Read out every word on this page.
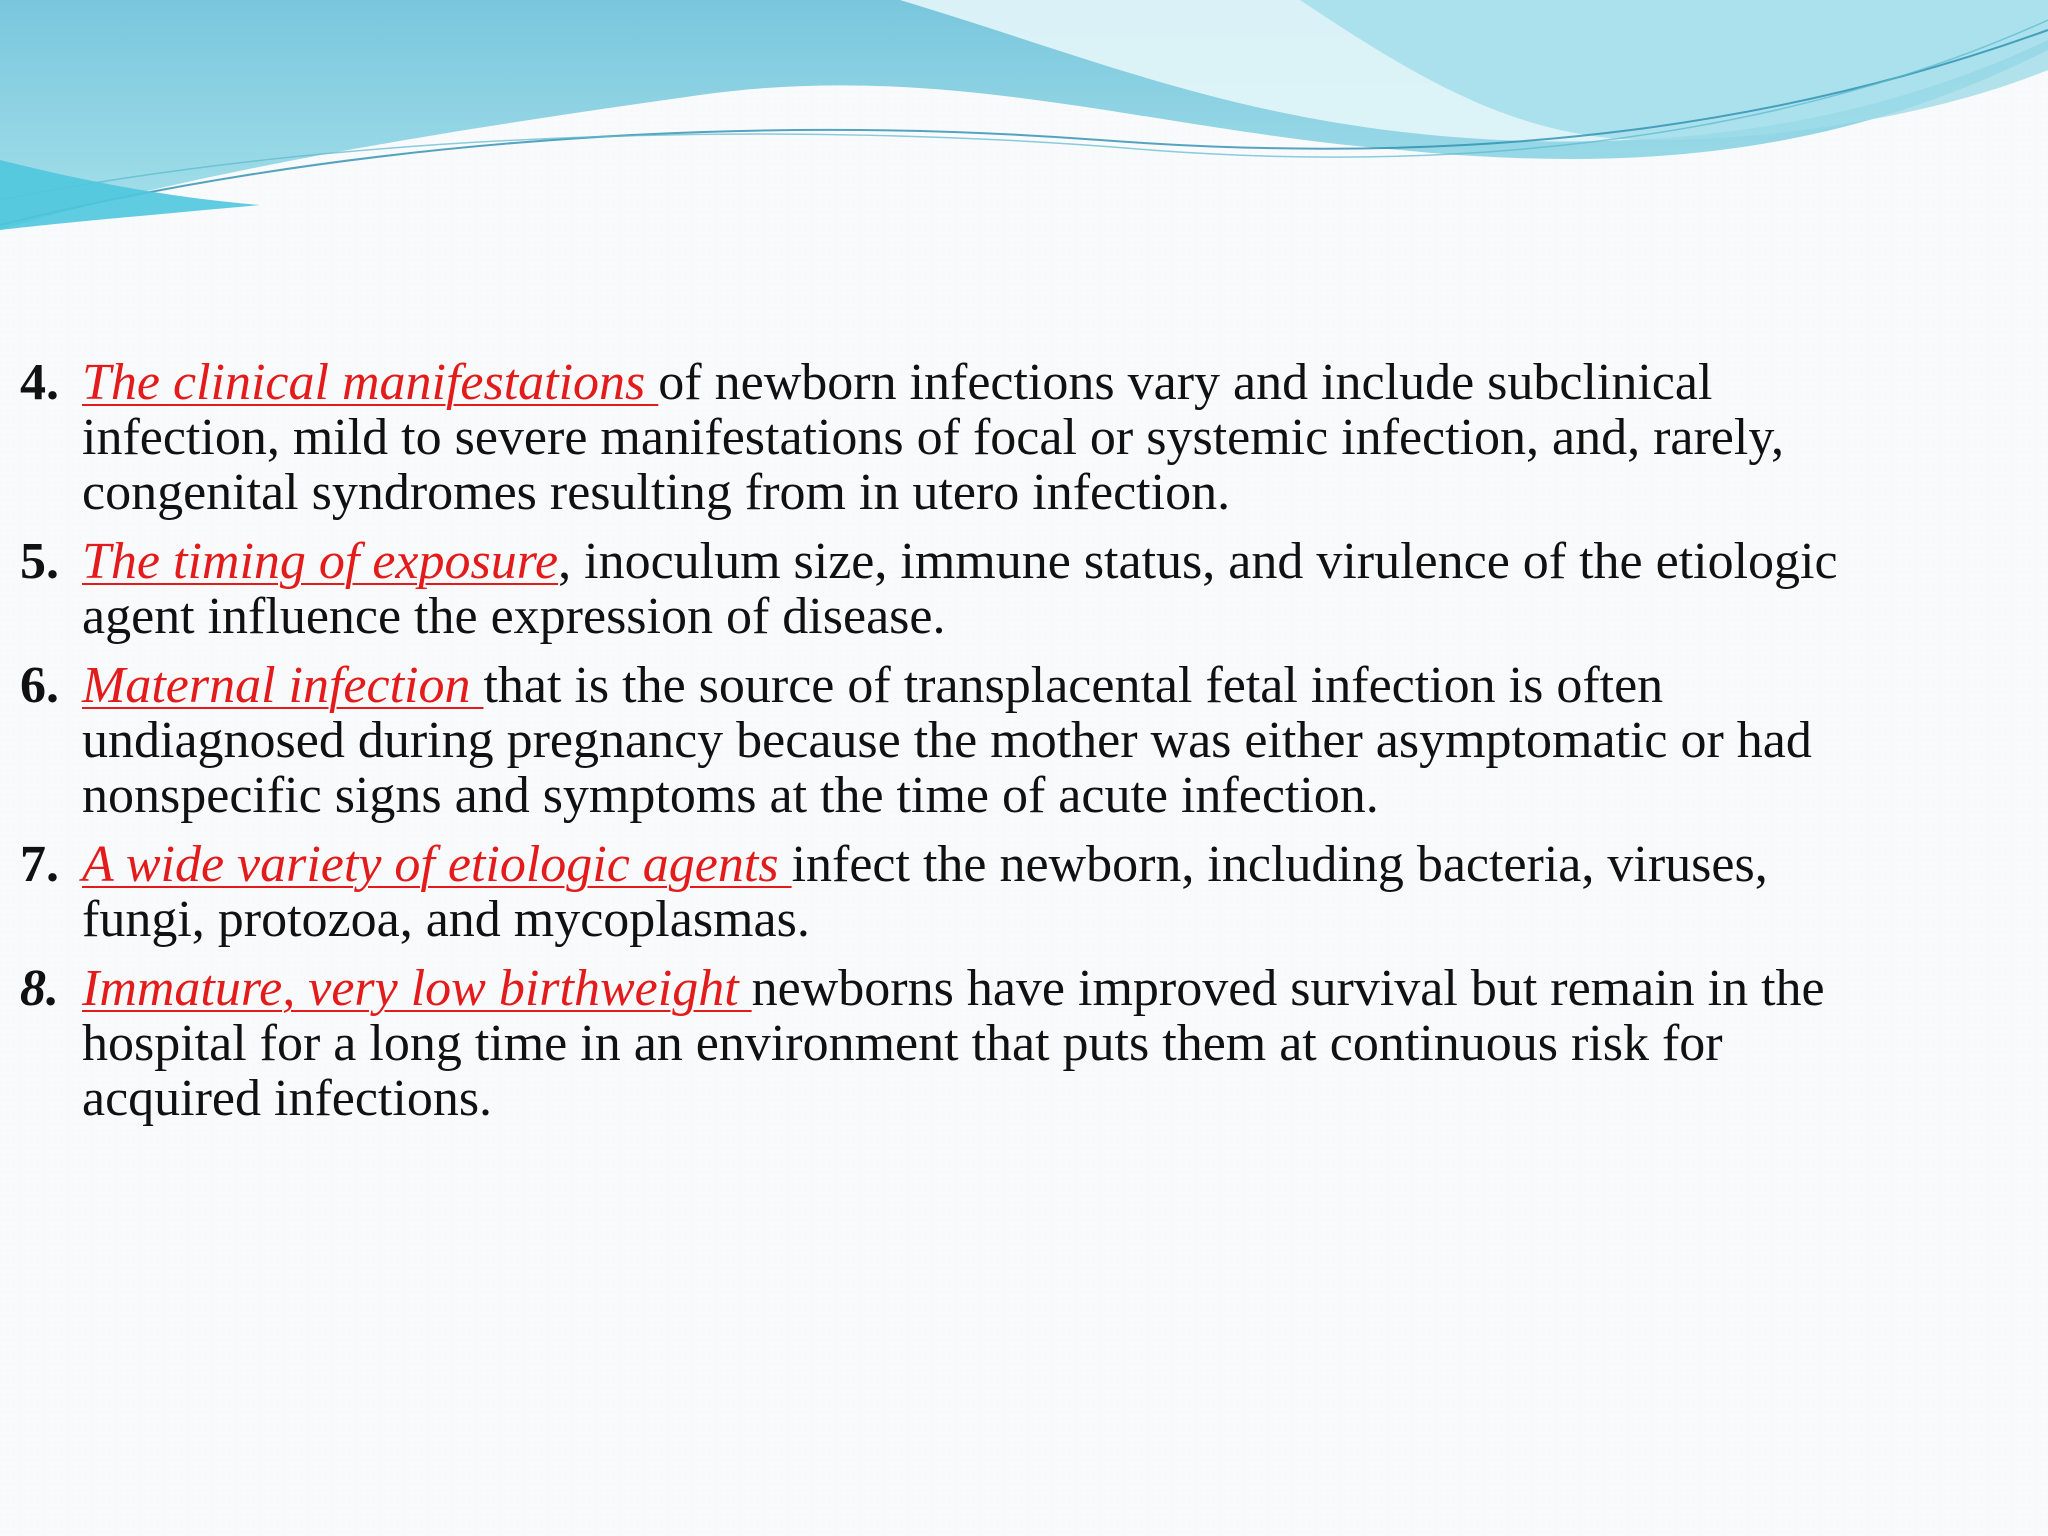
4. The clinical manifestations of newborn infections vary and include subclinical infection, mild to severe manifestations of focal or systemic infection, and, rarely, congenital syndromes resulting from in utero infection.
5. The timing of exposure, inoculum size, immune status, and virulence of the etiologic agent influence the expression of disease.
6. Maternal infection that is the source of transplacental fetal infection is often undiagnosed during pregnancy because the mother was either asymptomatic or had nonspecific signs and symptoms at the time of acute infection.
7. A wide variety of etiologic agents infect the newborn, including bacteria, viruses, fungi, protozoa, and mycoplasmas.
8. Immature, very low birthweight newborns have improved survival but remain in the hospital for a long time in an environment that puts them at continuous risk for acquired infections.
